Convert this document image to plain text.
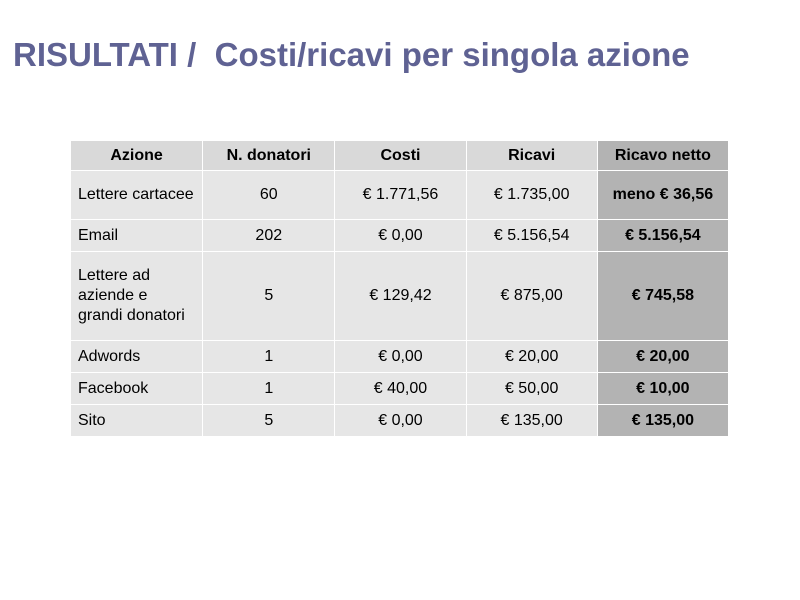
RISULTATI /  Costi/ricavi per singola azione
Azione	N. donatori	Costi	Ricavi	Ricavo netto
Lettere cartacee	60	€ 1.771,56	€ 1.735,00	meno € 36,56
Email	202	€ 0,00	€ 5.156,54	€ 5.156,54
Lettere ad aziende e grandi donatori	5	€ 129,42	€ 875,00	€ 745,58
Adwords	1	€ 0,00	€ 20,00	€ 20,00
Facebook	1	€ 40,00	€ 50,00	€ 10,00
Sito	5	€ 0,00	€ 135,00	€ 135,00
